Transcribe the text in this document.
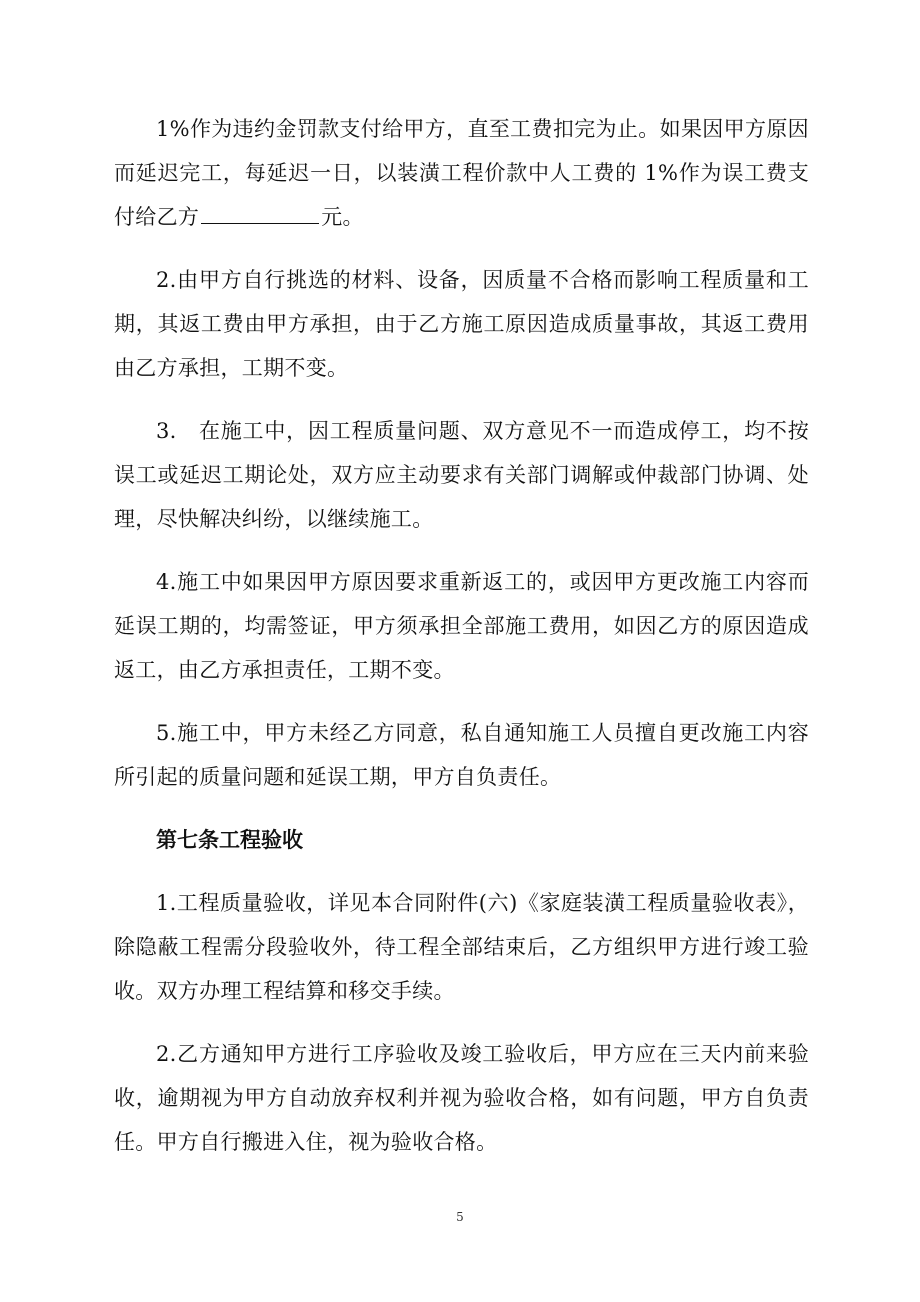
1%作为违约金罚款支付给甲方，直至工费扣完为止。如果因甲方原因而延迟完工，每延迟一日，以装潢工程价款中人工费的 1%作为误工费支付给乙方	元。

2.由甲方自行挑选的材料、设备，因质量不合格而影响工程质量和工期，其返工费由甲方承担，由于乙方施工原因造成质量事故，其返工费用由乙方承担，工期不变。

3.　在施工中，因工程质量问题、双方意见不一而造成停工，均不按误工或延迟工期论处，双方应主动要求有关部门调解或仲裁部门协调、处理，尽快解决纠纷，以继续施工。

4.施工中如果因甲方原因要求重新返工的，或因甲方更改施工内容而延误工期的，均需签证，甲方须承担全部施工费用，如因乙方的原因造成返工，由乙方承担责任，工期不变。

5.施工中，甲方未经乙方同意，私自通知施工人员擅自更改施工内容所引起的质量问题和延误工期，甲方自负责任。

第七条工程验收

1.工程质量验收，详见本合同附件(六)《家庭装潢工程质量验收表》，除隐蔽工程需分段验收外，待工程全部结束后，乙方组织甲方进行竣工验收。双方办理工程结算和移交手续。

2.乙方通知甲方进行工序验收及竣工验收后，甲方应在三天内前来验收，逾期视为甲方自动放弃权利并视为验收合格，如有问题，甲方自负责任。甲方自行搬进入住，视为验收合格。

5
